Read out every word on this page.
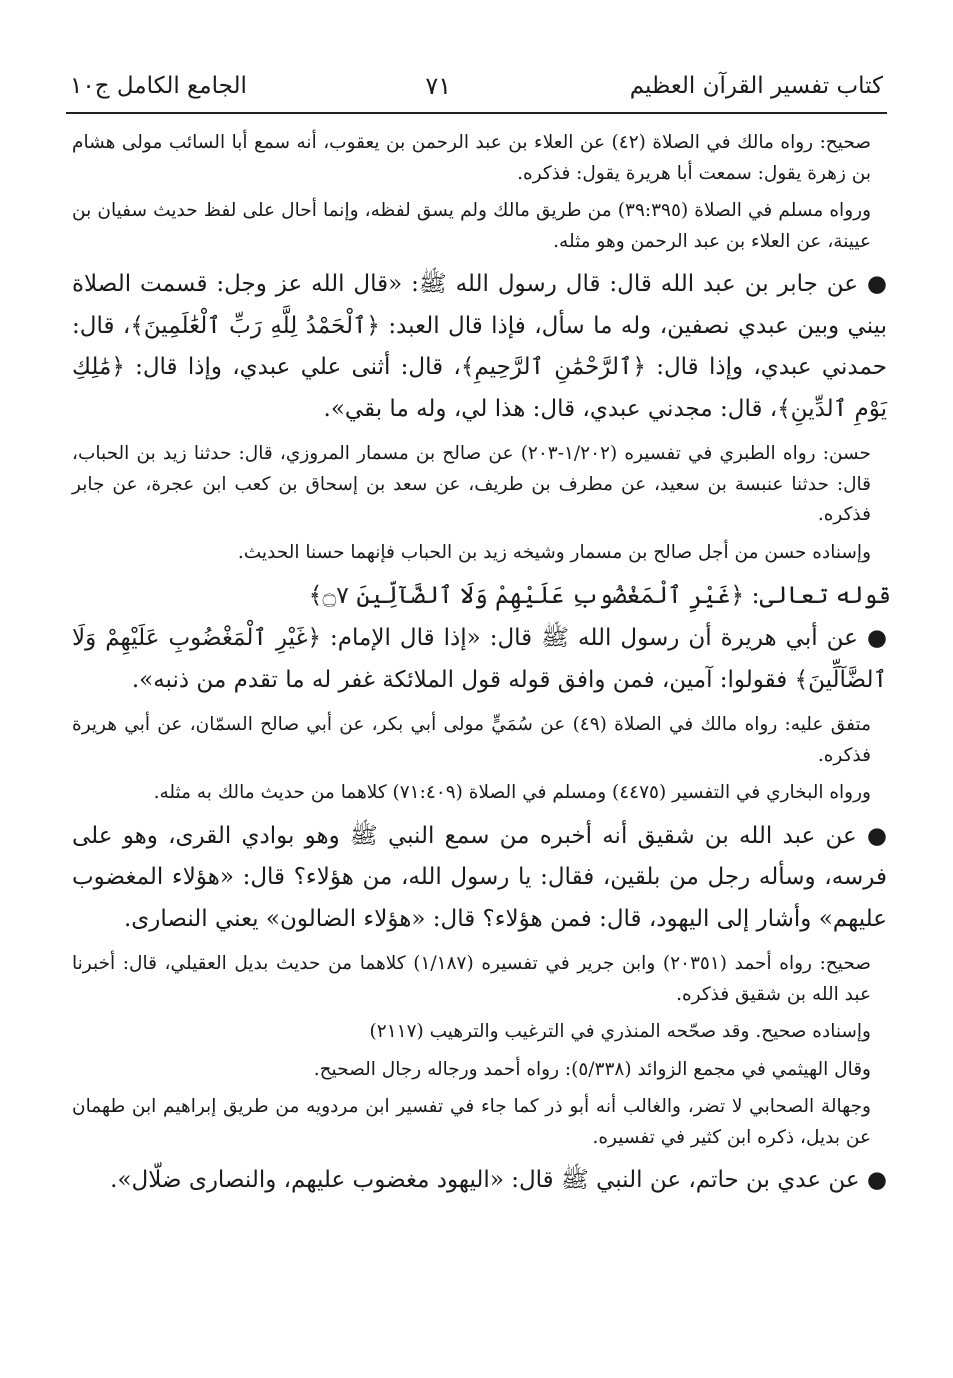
كتاب تفسير القرآن العظيم
٧١
الجامع الكامل ج١٠

صحيح: رواه مالك في الصلاة (٤٢) عن العلاء بن عبد الرحمن بن يعقوب، أنه سمع أبا السائب مولى هشام بن زهرة يقول: سمعت أبا هريرة يقول: فذكره.

ورواه مسلم في الصلاة (٣٩:٣٩٥) من طريق مالك ولم يسق لفظه، وإنما أحال على لفظ حديث سفيان بن عيينة، عن العلاء بن عبد الرحمن وهو مثله.

● عن جابر بن عبد الله قال: قال رسول الله ﷺ: «قال الله عز وجل: قسمت الصلاة بيني وبين عبدي نصفين، وله ما سأل، فإذا قال العبد: ﴿ٱلْحَمْدُ لِلَّهِ رَبِّ ٱلْعَٰلَمِينَ﴾، قال: حمدني عبدي، وإذا قال: ﴿ٱلرَّحْمَٰنِ ٱلرَّحِيمِ﴾، قال: أثنى علي عبدي، وإذا قال: ﴿مَٰلِكِ يَوْمِ ٱلدِّينِ﴾، قال: مجدني عبدي، قال: هذا لي، وله ما بقي».

حسن: رواه الطبري في تفسيره (١/٢٠٢-٢٠٣) عن صالح بن مسمار المروزي، قال: حدثنا زيد بن الحباب، قال: حدثنا عنبسة بن سعيد، عن مطرف بن طريف، عن سعد بن إسحاق بن كعب ابن عجرة، عن جابر فذكره.

وإسناده حسن من أجل صالح بن مسمار وشيخه زيد بن الحباب فإنهما حسنا الحديث.

قوله تعالى: ﴿غَيْرِ ٱلْمَغْضُوبِ عَلَيْهِمْ وَلَا ٱلضَّآلِّينَ ۝٧﴾

● عن أبي هريرة أن رسول الله ﷺ قال: «إذا قال الإمام: ﴿غَيْرِ ٱلْمَغْضُوبِ عَلَيْهِمْ وَلَا ٱلضَّآلِّينَ﴾ فقولوا: آمين، فمن وافق قوله قول الملائكة غفر له ما تقدم من ذنبه».

متفق عليه: رواه مالك في الصلاة (٤٩) عن سُمَيٍّ مولى أبي بكر، عن أبي صالح السمّان، عن أبي هريرة فذكره.

ورواه البخاري في التفسير (٤٤٧٥) ومسلم في الصلاة (٧١:٤٠٩) كلاهما من حديث مالك به مثله.

● عن عبد الله بن شقيق أنه أخبره من سمع النبي ﷺ وهو بوادي القرى، وهو على فرسه، وسأله رجل من بلقين، فقال: يا رسول الله، من هؤلاء؟ قال: «هؤلاء المغضوب عليهم» وأشار إلى اليهود، قال: فمن هؤلاء؟ قال: «هؤلاء الضالون» يعني النصارى.

صحيح: رواه أحمد (٢٠٣٥١) وابن جرير في تفسيره (١/١٨٧) كلاهما من حديث بديل العقيلي، قال: أخبرنا عبد الله بن شقيق فذكره.

وإسناده صحيح. وقد صحّحه المنذري في الترغيب والترهيب (٢١١٧)

وقال الهيثمي في مجمع الزوائد (٥/٣٣٨): رواه أحمد ورجاله رجال الصحيح.

وجهالة الصحابي لا تضر، والغالب أنه أبو ذر كما جاء في تفسير ابن مردويه من طريق إبراهيم ابن طهمان عن بديل، ذكره ابن كثير في تفسيره.

● عن عدي بن حاتم، عن النبي ﷺ قال: «اليهود مغضوب عليهم، والنصارى ضلّال».
